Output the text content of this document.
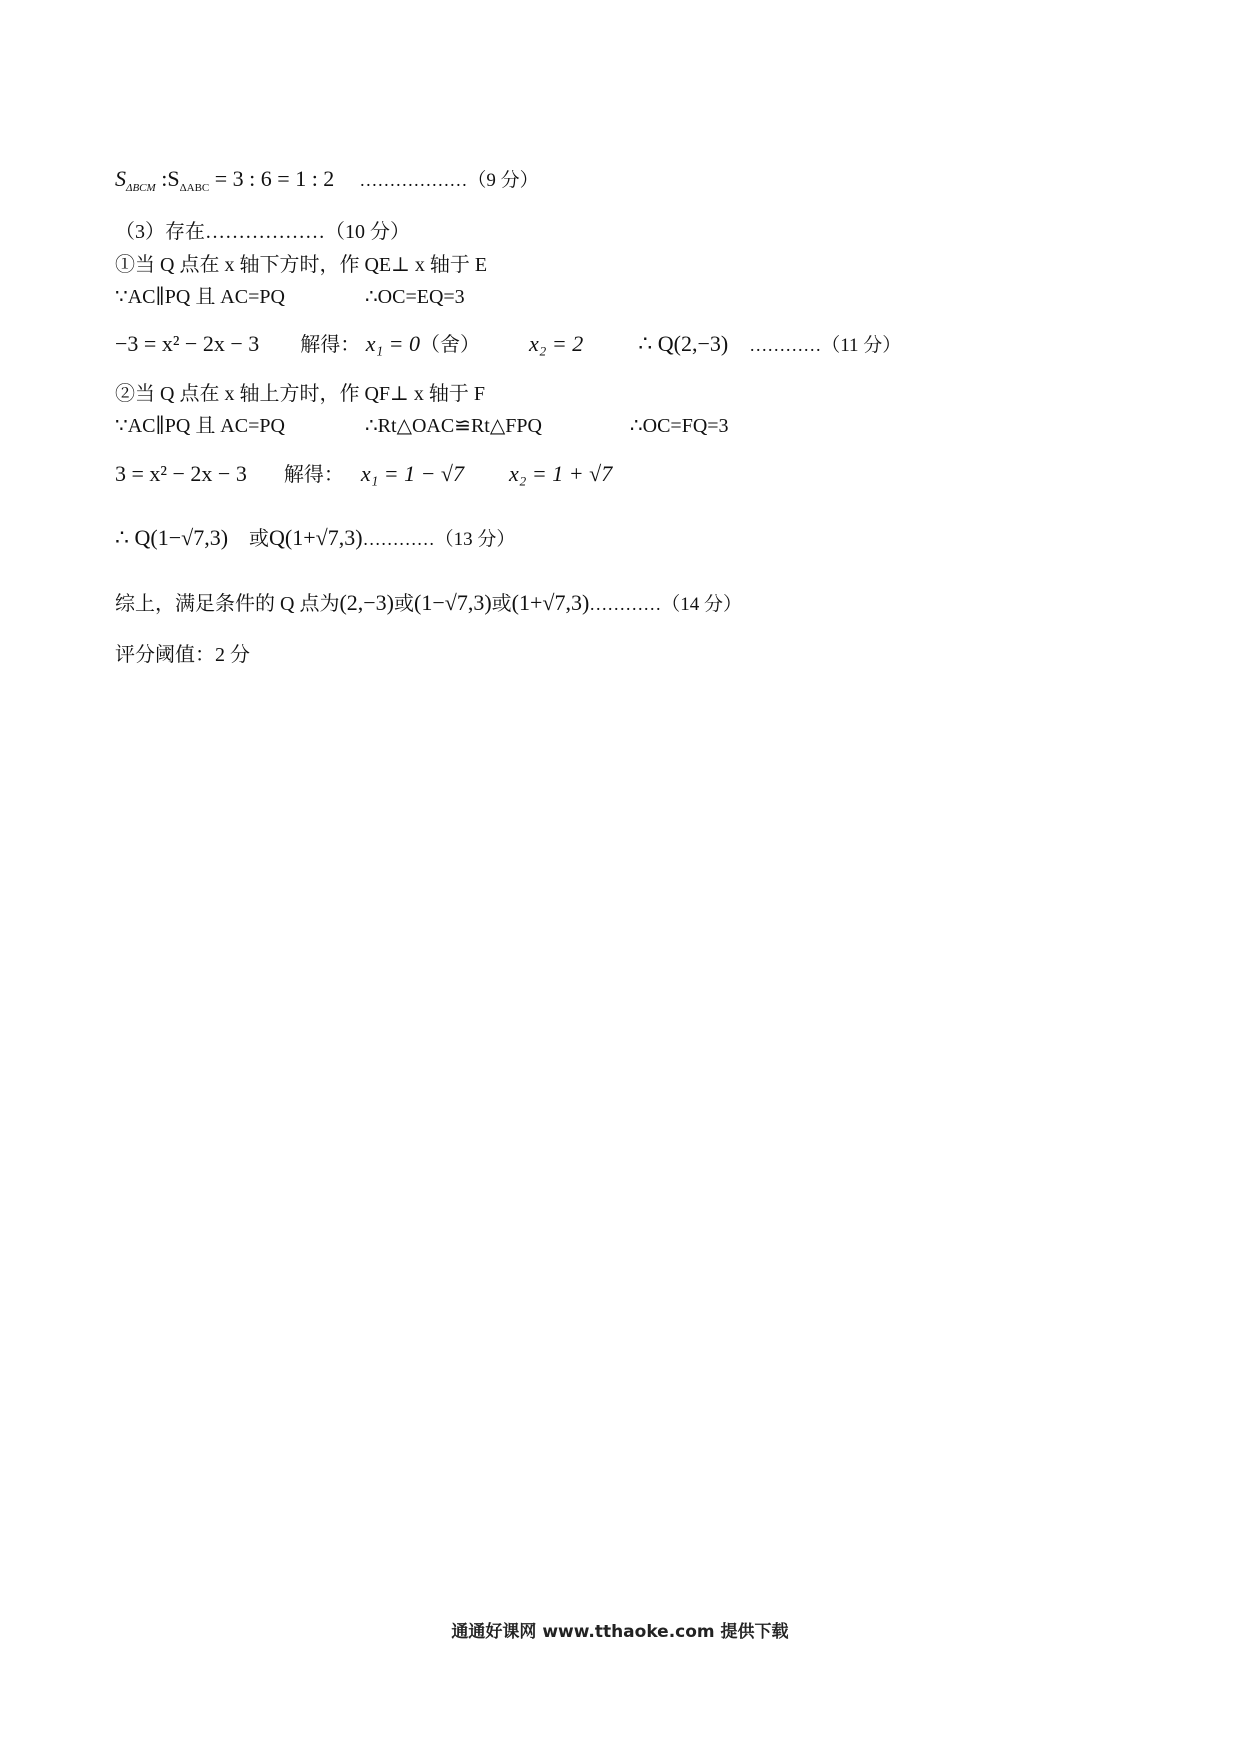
$S_{\Delta BCM}$ $:S_{\Delta ABC} = 3$ : 6 = 1 : 2 ………………（9 分）
（3）存在………………（10 分）
①当 Q 点在 x 轴下方时，作 QE⊥ x 轴于 E
∵AC∥PQ 且 AC=PQ	∴OC=EQ=3
−3 = x² − 2x − 3 解得： x₁ = 0（舍） x₂ = 2	∴ Q(2,−3) …………（11 分）
②当 Q 点在 x 轴上方时，作 QF⊥ x 轴于 F
∵AC∥PQ 且 AC=PQ	∴Rt△OAC≌Rt△FPQ	∴OC=FQ=3
3 = x² − 2x − 3 解得： x₁ = 1 − √7 x₂ = 1 + √7
∴ Q(1−√7,3) 或Q(1+√7,3)…………（13 分）
综上，满足条件的 Q 点为(2,−3)或(1−√7,3)或(1+√7,3)…………（14 分）
评分阈值：2 分
通通好课网 www.tthaoke.com 提供下载
